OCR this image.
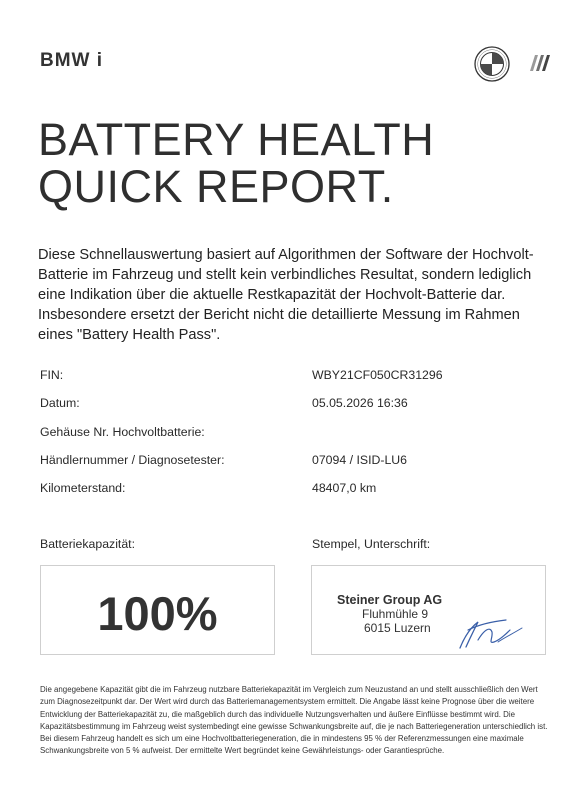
BMW i
BATTERY HEALTH
QUICK REPORT.
Diese Schnellauswertung basiert auf Algorithmen der Software der Hochvolt-Batterie im Fahrzeug und stellt kein verbindliches Resultat, sondern lediglich eine Indikation über die aktuelle Restkapazität der Hochvolt-Batterie dar. Insbesondere ersetzt der Bericht nicht die detaillierte Messung im Rahmen eines "Battery Health Pass".
FIN:	WBY21CF050CR31296
Datum:	05.05.2026 16:36
Gehäuse Nr. Hochvoltbatterie:
Händlernummer / Diagnosetester:	07094 / ISID-LU6
Kilometerstand:	48407,0 km
Batteriekapazität:	Stempel, Unterschrift:
100%	Steiner Group AG
Fluhmühle 9
6015 Luzern
Die angegebene Kapazität gibt die im Fahrzeug nutzbare Batteriekapazität im Vergleich zum Neuzustand an und stellt ausschließlich den Wert zum Diagnosezeitpunkt dar. Der Wert wird durch das Batteriemanagementsystem ermittelt. Die Angabe lässt keine Prognose über die weitere Entwicklung der Batteriekapazität zu, die maßgeblich durch das individuelle Nutzungsverhalten und äußere Einflüsse bestimmt wird. Die Kapazitätsbestimmung im Fahrzeug weist systembedingt eine gewisse Schwankungsbreite auf, die je nach Batteriegeneration unterschiedlich ist. Bei diesem Fahrzeug handelt es sich um eine Hochvoltbatteriegeneration, die in mindestens 95 % der Referenzmessungen eine maximale Schwankungsbreite von 5 % aufweist. Der ermittelte Wert begründet keine Gewährleistungs- oder Garantiesprüche.
